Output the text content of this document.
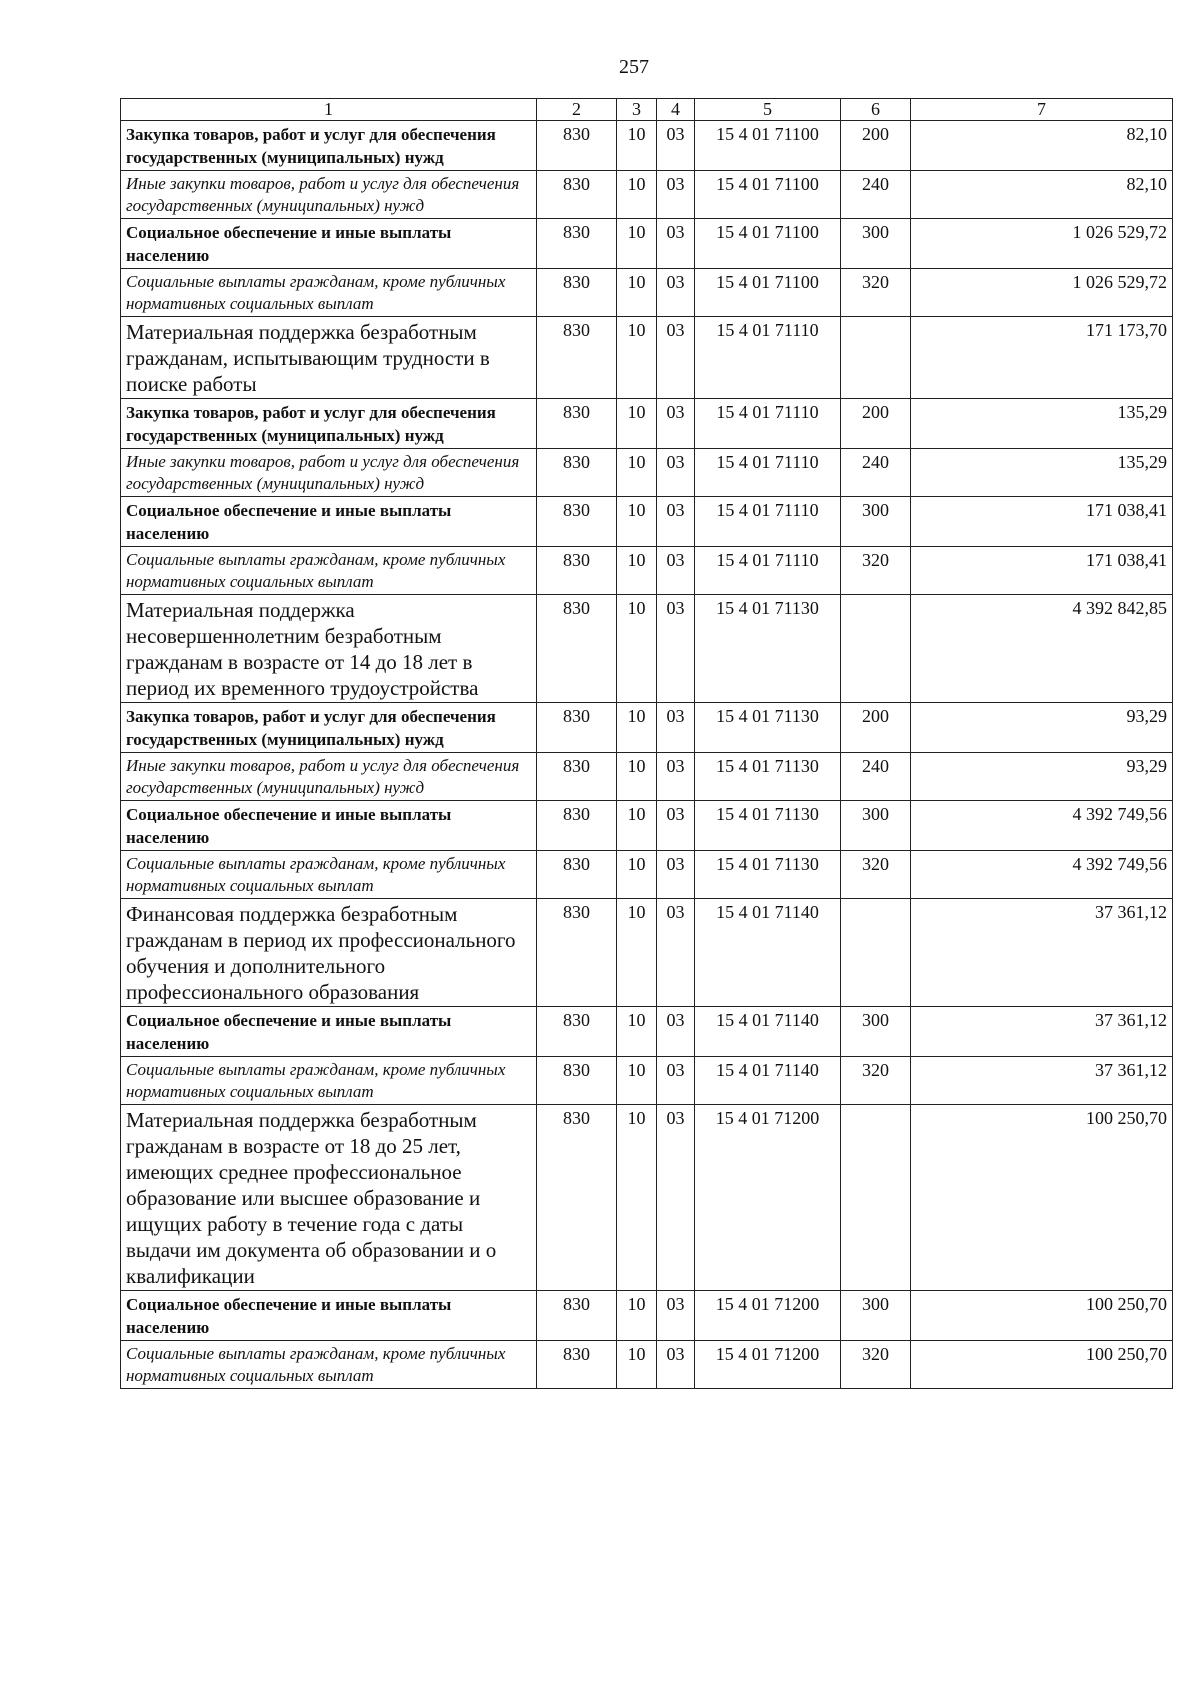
257
1	2	3	4	5	6	7
Закупка товаров, работ и услуг для обеспечения государственных (муниципальных) нужд	830	10	03	15 4 01 71100	200	82,10
Иные закупки товаров, работ и услуг для обеспечения государственных (муниципальных) нужд	830	10	03	15 4 01 71100	240	82,10
Социальное обеспечение и иные выплаты населению	830	10	03	15 4 01 71100	300	1 026 529,72
Социальные выплаты гражданам, кроме публичных нормативных социальных выплат	830	10	03	15 4 01 71100	320	1 026 529,72
Материальная поддержка безработным гражданам, испытывающим трудности в поиске работы	830	10	03	15 4 01 71110		171 173,70
Закупка товаров, работ и услуг для обеспечения государственных (муниципальных) нужд	830	10	03	15 4 01 71110	200	135,29
Иные закупки товаров, работ и услуг для обеспечения государственных (муниципальных) нужд	830	10	03	15 4 01 71110	240	135,29
Социальное обеспечение и иные выплаты населению	830	10	03	15 4 01 71110	300	171 038,41
Социальные выплаты гражданам, кроме публичных нормативных социальных выплат	830	10	03	15 4 01 71110	320	171 038,41
Материальная поддержка несовершеннолетним безработным гражданам в возрасте от 14 до 18 лет в период их временного трудоустройства	830	10	03	15 4 01 71130		4 392 842,85
Закупка товаров, работ и услуг для обеспечения государственных (муниципальных) нужд	830	10	03	15 4 01 71130	200	93,29
Иные закупки товаров, работ и услуг для обеспечения государственных (муниципальных) нужд	830	10	03	15 4 01 71130	240	93,29
Социальное обеспечение и иные выплаты населению	830	10	03	15 4 01 71130	300	4 392 749,56
Социальные выплаты гражданам, кроме публичных нормативных социальных выплат	830	10	03	15 4 01 71130	320	4 392 749,56
Финансовая поддержка безработным гражданам в период их профессионального обучения и дополнительного профессионального образования	830	10	03	15 4 01 71140		37 361,12
Социальное обеспечение и иные выплаты населению	830	10	03	15 4 01 71140	300	37 361,12
Социальные выплаты гражданам, кроме публичных нормативных социальных выплат	830	10	03	15 4 01 71140	320	37 361,12
Материальная поддержка безработным гражданам в возрасте от 18 до 25 лет, имеющих среднее профессиональное образование или высшее образование и ищущих работу в течение года с даты выдачи им документа об образовании и о квалификации	830	10	03	15 4 01 71200		100 250,70
Социальное обеспечение и иные выплаты населению	830	10	03	15 4 01 71200	300	100 250,70
Социальные выплаты гражданам, кроме публичных нормативных социальных выплат	830	10	03	15 4 01 71200	320	100 250,70
